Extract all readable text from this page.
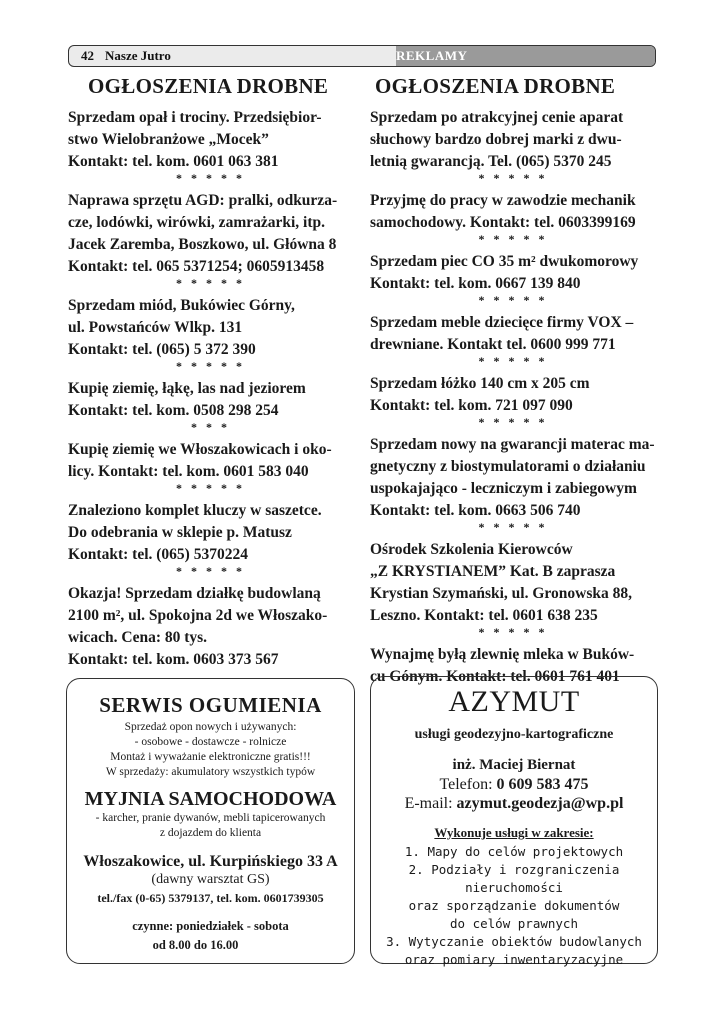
42 Nasze Jutro	REKLAMY
OGŁOSZENIA DROBNE
Sprzedam opał i trociny. Przedsiębior-
stwo Wielobranżowe „Mocek”
Kontakt: tel. kom. 0601 063 381
* * * * *
Naprawa sprzętu AGD: pralki, odkurza-
cze, lodówki, wirówki, zamrażarki, itp.
Jacek Zaremba, Boszkowo, ul. Główna 8
Kontakt: tel. 065 5371254; 0605913458
* * * * *
Sprzedam miód, Bukówiec Górny,
ul. Powstańców Wlkp. 131
Kontakt: tel. (065) 5 372 390
* * * * *
Kupię ziemię, łąkę, las nad jeziorem
Kontakt: tel. kom. 0508 298 254
* * *
Kupię ziemię we Włoszakowicach i oko-
licy. Kontakt: tel. kom. 0601 583 040
* * * * *
Znaleziono komplet kluczy w saszetce.
Do odebrania w sklepie p. Matusz
Kontakt: tel. (065) 5370224
* * * * *
Okazja! Sprzedam działkę budowlaną
2100 m², ul. Spokojna 2d we Włoszako-
wicach. Cena: 80 tys.
Kontakt: tel. kom. 0603 373 567
OGŁOSZENIA DROBNE
Sprzedam po atrakcyjnej cenie aparat
słuchowy bardzo dobrej marki z dwu-
letnią gwarancją. Tel. (065) 5370 245
* * * * *
Przyjmę do pracy w zawodzie mechanik
samochodowy. Kontakt: tel. 0603399169
* * * * *
Sprzedam piec CO 35 m² dwukomorowy
Kontakt: tel. kom. 0667 139 840
* * * * *
Sprzedam meble dziecięce firmy VOX –
drewniane. Kontakt tel. 0600 999 771
* * * * *
Sprzedam łóżko 140 cm x 205 cm
Kontakt: tel. kom. 721 097 090
* * * * *
Sprzedam nowy na gwarancji materac ma-
gnetyczny z biostymulatorami o działaniu
uspokajająco - leczniczym i zabiegowym
Kontakt: tel. kom. 0663 506 740
* * * * *
Ośrodek Szkolenia Kierowców
„Z KRYSTIANEM” Kat. B zaprasza
Krystian Szymański, ul. Gronowska 88,
Leszno. Kontakt: tel. 0601 638 235
* * * * *
Wynajmę byłą zlewnię mleka w Buków-
cu Gónym. Kontakt: tel. 0601 761 401
SERWIS OGUMIENIA
Sprzedaż opon nowych i używanych:
- osobowe - dostawcze - rolnicze
Montaż i wyważanie elektroniczne gratis!!!
W sprzedaży: akumulatory wszystkich typów
MYJNIA SAMOCHODOWA
- karcher, pranie dywanów, mebli tapicerowanych
z dojazdem do klienta
Włoszakowice, ul. Kurpińskiego 33 A
(dawny warsztat GS)
tel./fax (0-65) 5379137, tel. kom. 0601739305
czynne: poniedziałek - sobota
od 8.00 do 16.00
AZYMUT
usługi geodezyjno-kartograficzne
inż. Maciej Biernat
Telefon: 0 609 583 475
E-mail: azymut.geodezja@wp.pl
Wykonuje usługi w zakresie:
1. Mapy do celów projektowych
2. Podziały i rozgraniczenia nieruchomości
oraz sporządzanie dokumentów
do celów prawnych
3. Wytyczanie obiektów budowlanych
oraz pomiary inwentaryzacyjne
